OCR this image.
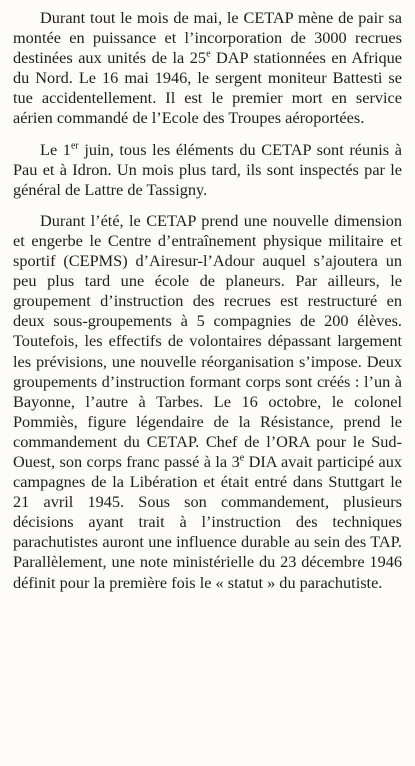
Durant tout le mois de mai, le CETAP mène de pair sa montée en puissance et l’incorporation de 3000 recrues destinées aux unités de la 25e DAP stationnées en Afrique du Nord. Le 16 mai 1946, le sergent moniteur Battesti se tue accidentellement. Il est le premier mort en service aérien commandé de l’Ecole des Troupes aéroportées.

Le 1er juin, tous les éléments du CETAP sont réunis à Pau et à Idron. Un mois plus tard, ils sont inspectés par le général de Lattre de Tassigny.

Durant l’été, le CETAP prend une nouvelle dimension et engerbe le Centre d’entraînement physique militaire et sportif (CEPMS) d’Airesur-l’Adour auquel s’ajoutera un peu plus tard une école de planeurs. Par ailleurs, le groupement d’instruction des recrues est restructuré en deux sous-groupements à 5 compagnies de 200 élèves. Toutefois, les effectifs de volontaires dépassant largement les prévisions, une nouvelle réorganisation s’impose. Deux groupements d’instruction formant corps sont créés : l’un à Bayonne, l’autre à Tarbes. Le 16 octobre, le colonel Pommiès, figure légendaire de la Résistance, prend le commandement du CETAP. Chef de l’ORA pour le Sud-Ouest, son corps franc passé à la 3e DIA avait participé aux campagnes de la Libération et était entré dans Stuttgart le 21 avril 1945. Sous son commandement, plusieurs décisions ayant trait à l’instruction des techniques parachutistes auront une influence durable au sein des TAP. Parallèlement, une note ministérielle du 23 décembre 1946 définit pour la première fois le « statut » du parachutiste.
